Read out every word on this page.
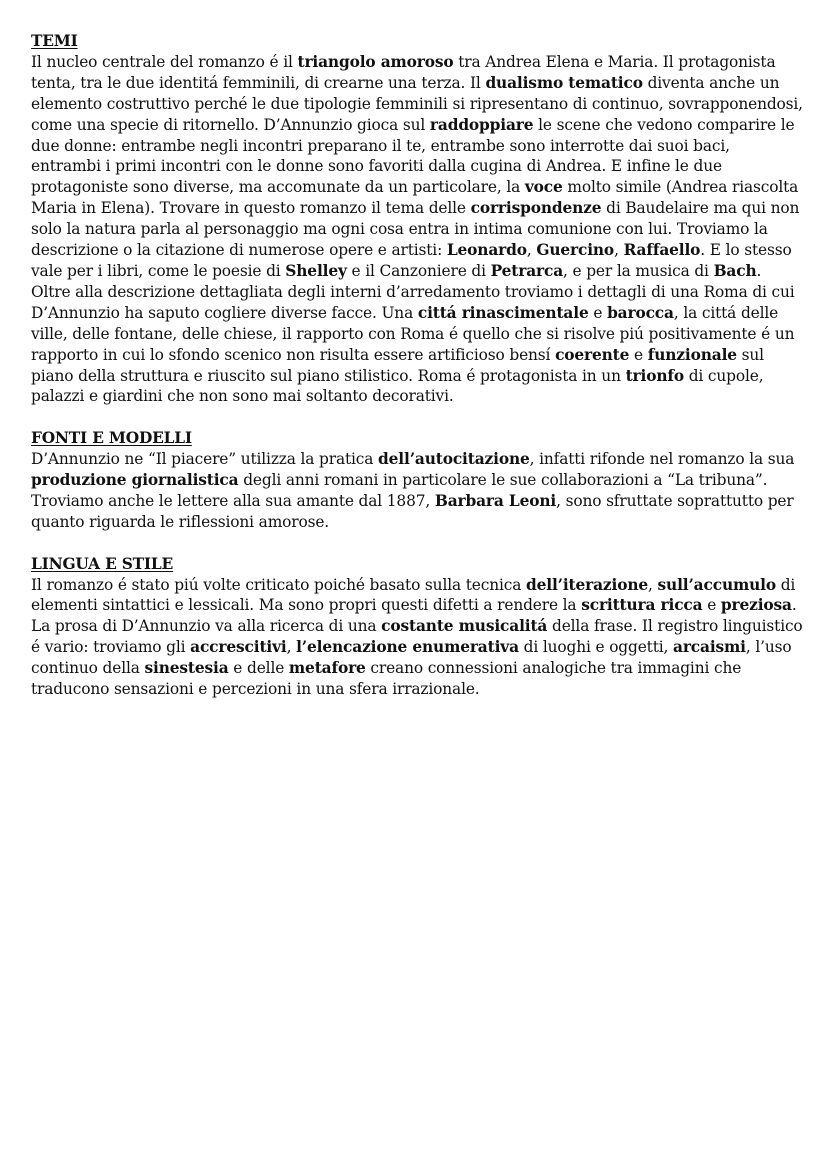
TEMI

Il nucleo centrale del romanzo é il triangolo amoroso tra Andrea Elena e Maria. Il protagonista tenta, tra le due identitá femminili, di crearne una terza. Il dualismo tematico diventa anche un elemento costruttivo perché le due tipologie femminili si ripresentano di continuo, sovrapponendosi, come una specie di ritornello. D’Annunzio gioca sul raddoppiare le scene che vedono comparire le due donne: entrambe negli incontri preparano il te, entrambe sono interrotte dai suoi baci, entrambi i primi incontri con le donne sono favoriti dalla cugina di Andrea. E infine le due protagoniste sono diverse, ma accomunate da un particolare, la voce molto simile (Andrea riascolta Maria in Elena). Trovare in questo romanzo il tema delle corrispondenze di Baudelaire ma qui non solo la natura parla al personaggio ma ogni cosa entra in intima comunione con lui. Troviamo la descrizione o la citazione di numerose opere e artisti: Leonardo, Guercino, Raffaello. E lo stesso vale per i libri, come le poesie di Shelley e il Canzoniere di Petrarca, e per la musica di Bach. Oltre alla descrizione dettagliata degli interni d’arredamento troviamo i dettagli di una Roma di cui D’Annunzio ha saputo cogliere diverse facce. Una cittá rinascimentale e barocca, la cittá delle ville, delle fontane, delle chiese, il rapporto con Roma é quello che si risolve piú positivamente é un rapporto in cui lo sfondo scenico non risulta essere artificioso bensí coerente e funzionale sul piano della struttura e riuscito sul piano stilistico. Roma é protagonista in un trionfo di cupole, palazzi e giardini che non sono mai soltanto decorativi.

FONTI E MODELLI

D’Annunzio ne “Il piacere” utilizza la pratica dell’autocitazione, infatti rifonde nel romanzo la sua produzione giornalistica degli anni romani in particolare le sue collaborazioni a “La tribuna”. Troviamo anche le lettere alla sua amante dal 1887, Barbara Leoni, sono sfruttate soprattutto per quanto riguarda le riflessioni amorose.

LINGUA E STILE

Il romanzo é stato piú volte criticato poiché basato sulla tecnica dell’iterazione, sull’accumulo di elementi sintattici e lessicali. Ma sono propri questi difetti a rendere la scrittura ricca e preziosa. La prosa di D’Annunzio va alla ricerca di una costante musicalitá della frase. Il registro linguistico é vario: troviamo gli accrescitivi, l’elencazione enumerativa di luoghi e oggetti, arcaismi, l’uso continuo della sinestesia e delle metafore creano connessioni analogiche tra immagini che traducono sensazioni e percezioni in una sfera irrazionale.
